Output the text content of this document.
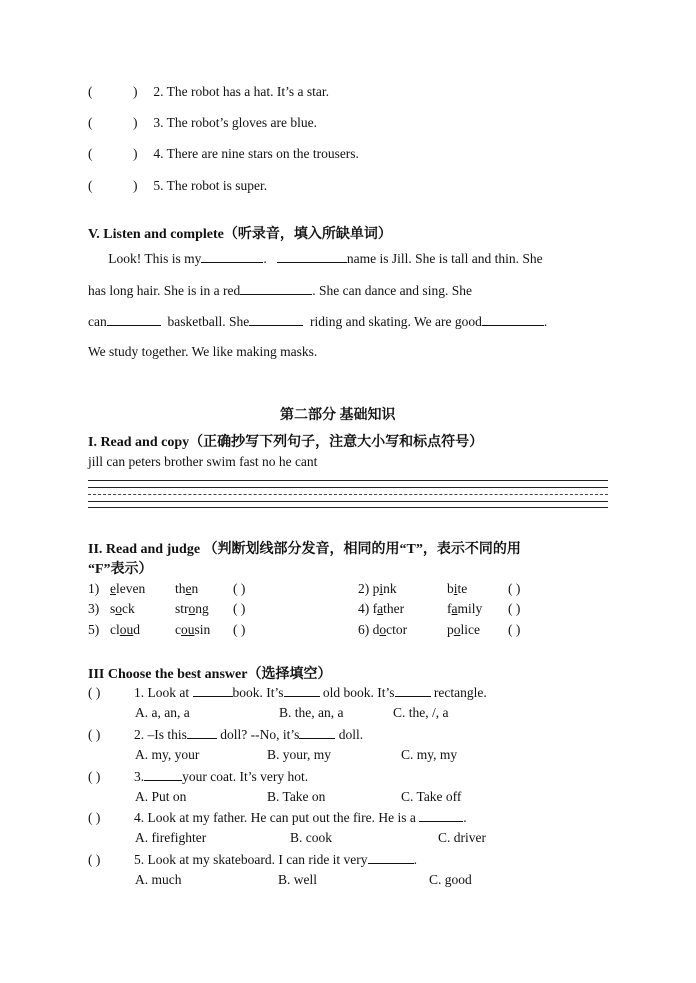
(	) 2. The robot has a hat. It’s a star.
(	) 3. The robot’s gloves are blue.
(	) 4. There are nine stars on the trousers.
(	) 5. The robot is super.
V. Listen and complete（听录音，填入所缺单词）
Look! This is my	.	name is Jill. She is tall and thin. She
has long hair. She is in a red	. She can dance and sing. She
can	basketball. She	riding and skating. We are good	.
We study together. We like making masks.
第二部分 基础知识
I. Read and copy（正确抄写下列句子，注意大小写和标点符号）
jill can peters brother swim fast no he cant
II. Read and judge （判断划线部分发音，相同的用“T”，表示不同的用
“F”表示）
1) eleven then	( )	2) pink	bite	( )
3) sock	strong ( )	4) father	family ( )
5) cloud	cousin ( )	6) doctor	police ( )
III Choose the best answer（选择填空）
( ) 1. Look at	book. It’s	old book. It’s	rectangle.
A. a, an, a	B. the, an, a	C. the, /, a
( ) 2. –Is this doll? --No, it’s	doll.
A. my, your	B. your, my	C. my, my
( ) 3.	your coat. It’s very hot.
A. Put on	B. Take on	C. Take off
( ) 4. Look at my father. He can put out the fire. He is a	.
A. firefighter	B. cook	C. driver
( ) 5. Look at my skateboard. I can ride it very	.
A. much	B. well	C. good
